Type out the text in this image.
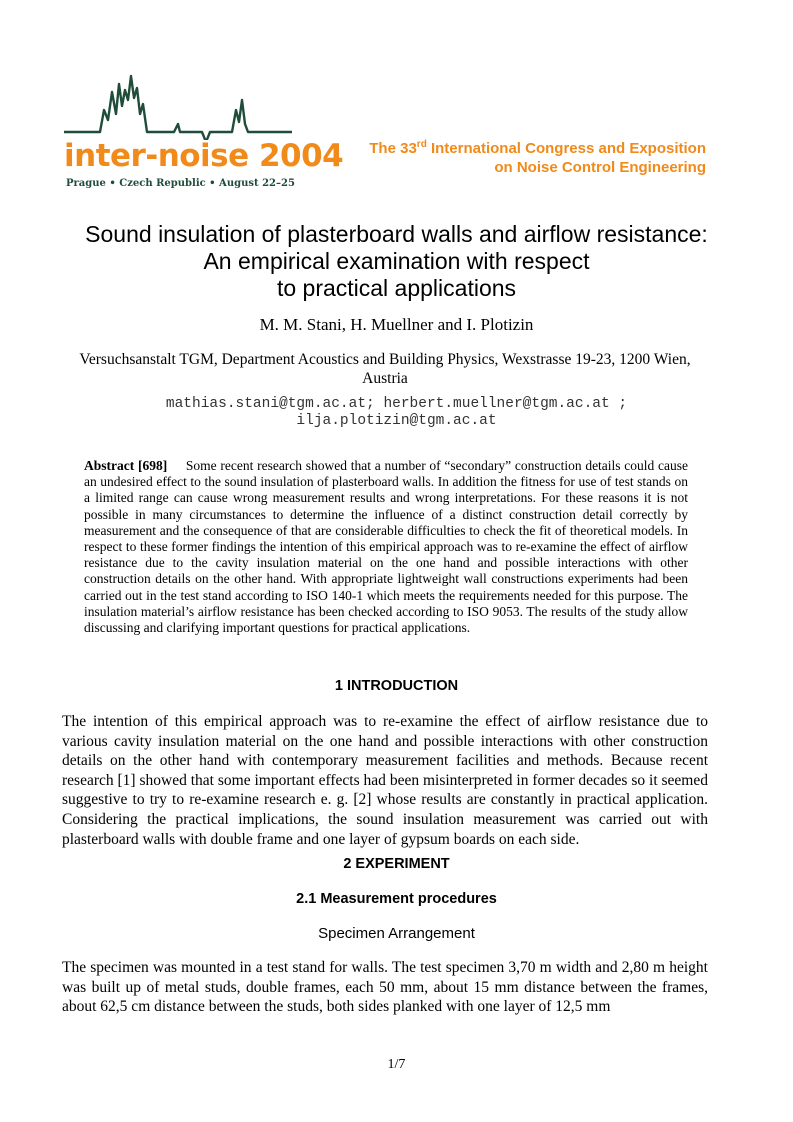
inter-noise 2004
Prague • Czech Republic • August 22–25
The 33rd International Congress and Exposition
on Noise Control Engineering
Sound insulation of plasterboard walls and airflow resistance:
An empirical examination with respect
to practical applications
M. M. Stani, H. Muellner and I. Plotizin
Versuchsanstalt TGM, Department Acoustics and Building Physics, Wexstrasse 19-23, 1200 Wien, Austria
mathias.stani@tgm.ac.at; herbert.muellner@tgm.ac.at ;
ilja.plotizin@tgm.ac.at
Abstract [698] Some recent research showed that a number of “secondary” construction details could cause an undesired effect to the sound insulation of plasterboard walls. In addition the fitness for use of test stands on a limited range can cause wrong measurement results and wrong interpretations. For these reasons it is not possible in many circumstances to determine the influence of a distinct construction detail correctly by measurement and the consequence of that are considerable difficulties to check the fit of theoretical models. In respect to these former findings the intention of this empirical approach was to re-examine the effect of airflow resistance due to the cavity insulation material on the one hand and possible interactions with other construction details on the other hand. With appropriate lightweight wall constructions experiments had been carried out in the test stand according to ISO 140-1 which meets the requirements needed for this purpose. The insulation material’s airflow resistance has been checked according to ISO 9053. The results of the study allow discussing and clarifying important questions for practical applications.
1 INTRODUCTION
The intention of this empirical approach was to re-examine the effect of airflow resistance due to various cavity insulation material on the one hand and possible interactions with other construction details on the other hand with contemporary measurement facilities and methods. Because recent research [1] showed that some important effects had been misinterpreted in former decades so it seemed suggestive to try to re-examine research e. g. [2] whose results are constantly in practical application. Considering the practical implications, the sound insulation measurement was carried out with plasterboard walls with double frame and one layer of gypsum boards on each side.
2 EXPERIMENT
2.1 Measurement procedures
Specimen Arrangement
The specimen was mounted in a test stand for walls. The test specimen 3,70 m width and 2,80 m height was built up of metal studs, double frames, each 50 mm, about 15 mm distance between the frames, about 62,5 cm distance between the studs, both sides planked with one layer of 12,5 mm
1/7
